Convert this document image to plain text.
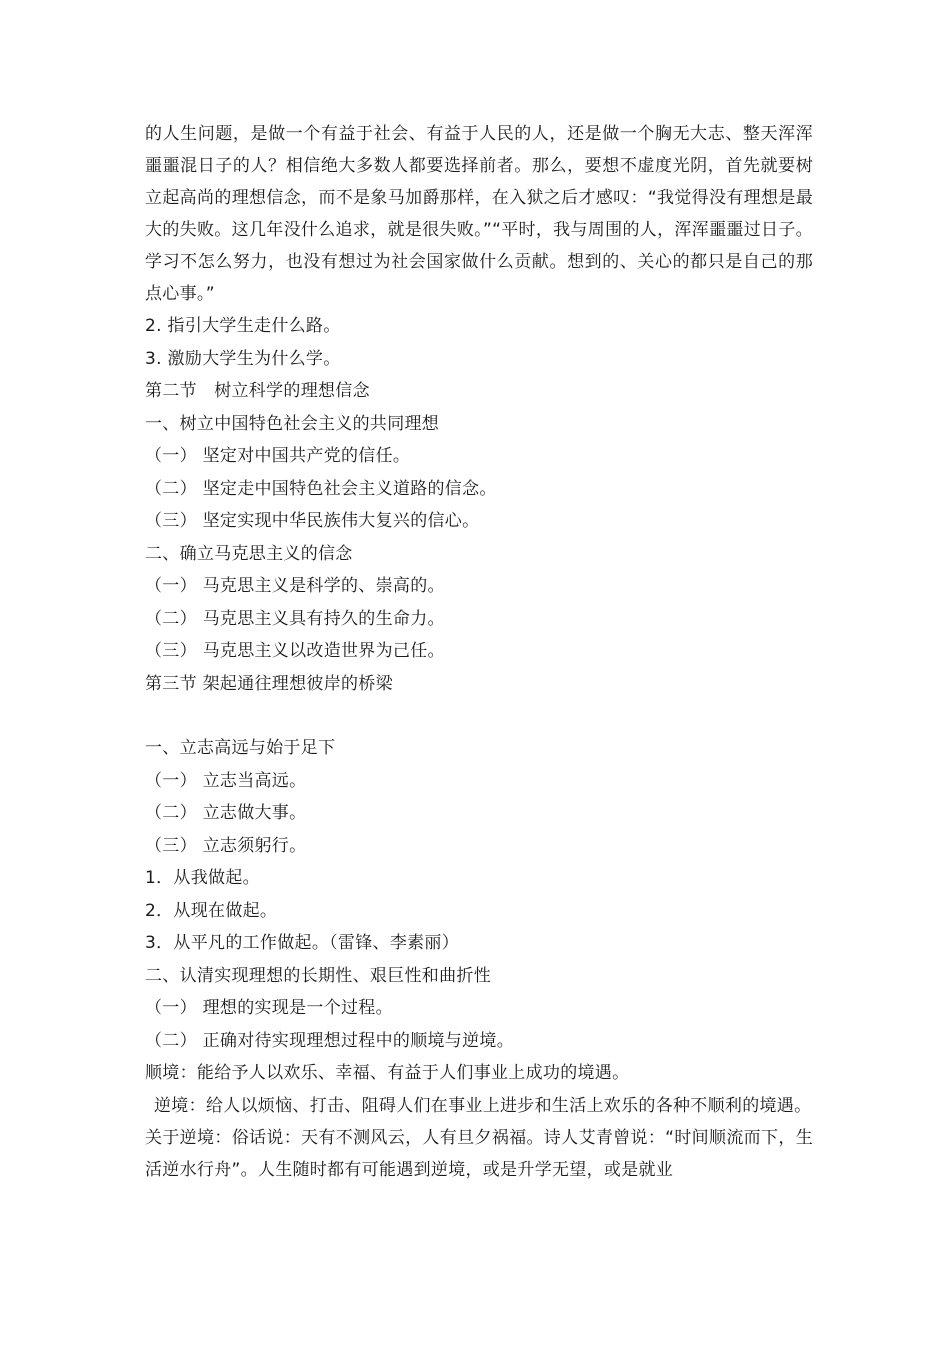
的人生问题，是做一个有益于社会、有益于人民的人，还是做一个胸无大志、整天浑浑噩噩混日子的人？相信绝大多数人都要选择前者。那么，要想不虚度光阴，首先就要树立起高尚的理想信念，而不是象马加爵那样，在入狱之后才感叹：“我觉得没有理想是最大的失败。这几年没什么追求，就是很失败。”“平时，我与周围的人，浑浑噩噩过日子。学习不怎么努力，也没有想过为社会国家做什么贡献。想到的、关心的都只是自己的那点心事。”

2. 指引大学生走什么路。

3. 激励大学生为什么学。

第二节　树立科学的理想信念

一、树立中国特色社会主义的共同理想

（一） 坚定对中国共产党的信任。

（二） 坚定走中国特色社会主义道路的信念。

（三） 坚定实现中华民族伟大复兴的信心。

二、确立马克思主义的信念

（一） 马克思主义是科学的、崇高的。

（二） 马克思主义具有持久的生命力。

（三） 马克思主义以改造世界为己任。

第三节 架起通往理想彼岸的桥梁

一、立志高远与始于足下

（一） 立志当高远。

（二） 立志做大事。

（三） 立志须躬行。

1．从我做起。

2．从现在做起。

3．从平凡的工作做起。（雷锋、李素丽）

二、认清实现理想的长期性、艰巨性和曲折性

（一） 理想的实现是一个过程。

（二） 正确对待实现理想过程中的顺境与逆境。

顺境：能给予人以欢乐、幸福、有益于人们事业上成功的境遇。

逆境：给人以烦恼、打击、阻碍人们在事业上进步和生活上欢乐的各种不顺利的境遇。

关于逆境：俗话说：天有不测风云，人有旦夕祸福。诗人艾青曾说：“时间顺流而下，生活逆水行舟”。人生随时都有可能遇到逆境，或是升学无望，或是就业
